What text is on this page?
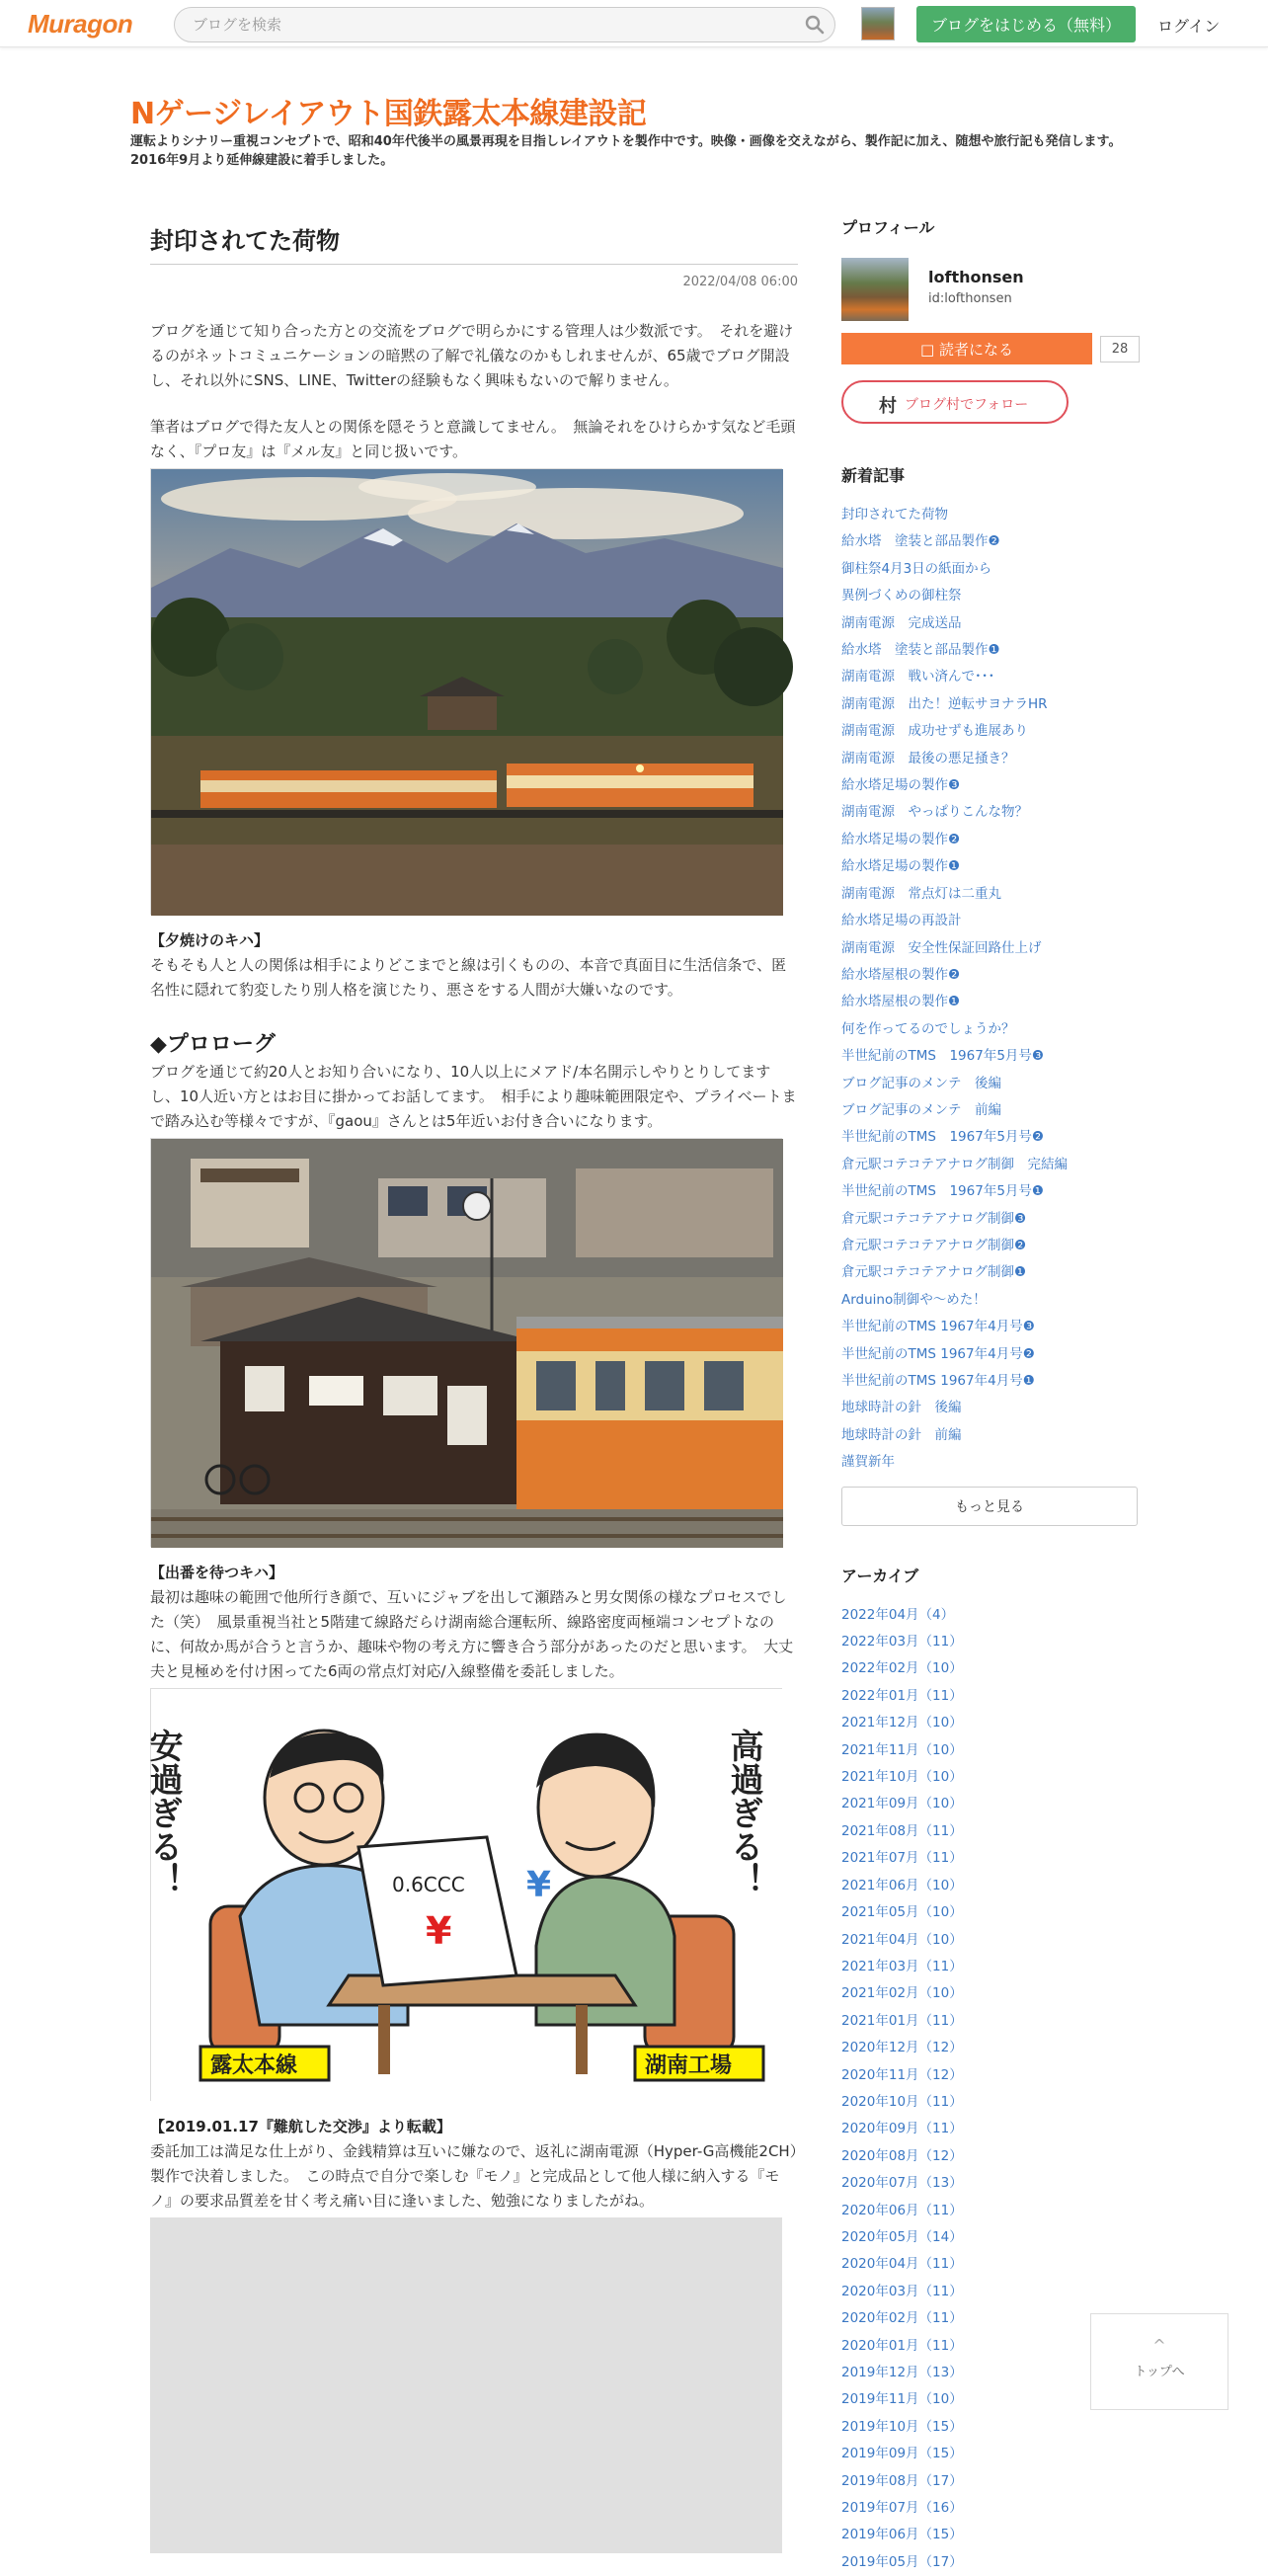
Muragon
ブログを検索	ブログをはじめる（無料）	ログイン
Nゲージレイアウト国鉄露太本線建設記
運転よりシナリー重視コンセプトで、昭和40年代後半の風景再現を目指しレイアウトを製作中です。映像・画像を交えながら、製作記に加え、随想や旅行記も発信します。2016年9月より延伸線建設に着手しました。
封印されてた荷物
2022/04/08 06:00
ブログを通じて知り合った方との交流をブログで明らかにする管理人は少数派です。　それを避けるのがネットコミュニケーションの暗黙の了解で礼儀なのかもしれませんが、65歳でブログ開設し、それ以外にSNS、LINE、Twitterの経験もなく興味もないので解りません。
筆者はブログで得た友人との関係を隠そうと意識してません。　無論それをひけらかす気など毛頭なく、『プロ友』は『メル友』と同じ扱いです。
【夕焼けのキハ】
そもそも人と人の関係は相手によりどこまでと線は引くものの、本音で真面目に生活信条で、匿名性に隠れて豹変したり別人格を演じたり、悪さをする人間が大嫌いなのです。
◆プロローグ
ブログを通じて約20人とお知り合いになり、10人以上にメアド/本名開示しやりとりしてますし、10人近い方とはお目に掛かってお話してます。　相手により趣味範囲限定や、プライベートまで踏み込む等様々ですが、『gaou』さんとは5年近いお付き合いになります。
【出番を待つキハ】
最初は趣味の範囲で他所行き顔で、互いにジャブを出して瀬踏みと男女関係の様なプロセスでした（笑）　風景重視当社と5階建て線路だらけ湖南総合運転所、線路密度両極端コンセプトなのに、何故か馬が合うと言うか、趣味や物の考え方に響き合う部分があったのだと思います。　大丈夫と見極めを付け困ってた6両の常点灯対応/入線整備を委託しました。
0.6CCC
¥
¥
安過ぎる！	高過ぎる！
露太本線	湖南工場
【2019.01.17『難航した交渉』より転載】
委託加工は満足な仕上がり、金銭精算は互いに嫌なので、返礼に湖南電源（Hyper-G高機能2CH）製作で決着しました。　この時点で自分で楽しむ『モノ』と完成品として他人様に納入する『モノ』の要求品質差を甘く考え痛い目に逢いました、勉強になりましたがね。
プロフィール
lofthonsen
id:lofthonsen
□ 読者になる	28
村 ブログ村でフォロー
新着記事
封印されてた荷物
給水塔　塗装と部品製作❷
御柱祭4月3日の紙面から
異例づくめの御柱祭
湖南電源　完成送品
給水塔　塗装と部品製作❶
湖南電源　戦い済んで･･･
湖南電源　出た！逆転サヨナラHR
湖南電源　成功せずも進展あり
湖南電源　最後の悪足掻き？
給水塔足場の製作❸
湖南電源　やっぱりこんな物？
給水塔足場の製作❷
給水塔足場の製作❶
湖南電源　常点灯は二重丸
給水塔足場の再設計
湖南電源　安全性保証回路仕上げ
給水塔屋根の製作❷
給水塔屋根の製作❶
何を作ってるのでしょうか？
半世紀前のTMS　1967年5月号❸
ブログ記事のメンテ　後編
ブログ記事のメンテ　前編
半世紀前のTMS　1967年5月号❷
倉元駅コテコテアナログ制御　完結編
半世紀前のTMS　1967年5月号❶
倉元駅コテコテアナログ制御❸
倉元駅コテコテアナログ制御❷
倉元駅コテコテアナログ制御❶
Arduino制御や～めた！
半世紀前のTMS 1967年4月号❸
半世紀前のTMS 1967年4月号❷
半世紀前のTMS 1967年4月号❶
地球時計の針　後編
地球時計の針　前編
謹賀新年
もっと見る
アーカイブ
2022年04月（4）
2022年03月（11）
2022年02月（10）
2022年01月（11）
2021年12月（10）
2021年11月（10）
2021年10月（10）
2021年09月（10）
2021年08月（11）
2021年07月（11）
2021年06月（10）
2021年05月（10）
2021年04月（10）
2021年03月（11）
2021年02月（10）
2021年01月（11）
2020年12月（12）
2020年11月（12）
2020年10月（11）
2020年09月（11）
2020年08月（12）
2020年07月（13）
2020年06月（11）
2020年05月（14）
2020年04月（11）
2020年03月（11）
2020年02月（11）
2020年01月（11）
2019年12月（13）
2019年11月（10）
2019年10月（15）
2019年09月（15）
2019年08月（17）
2019年07月（16）
2019年06月（15）
2019年05月（17）
^
トップへ
